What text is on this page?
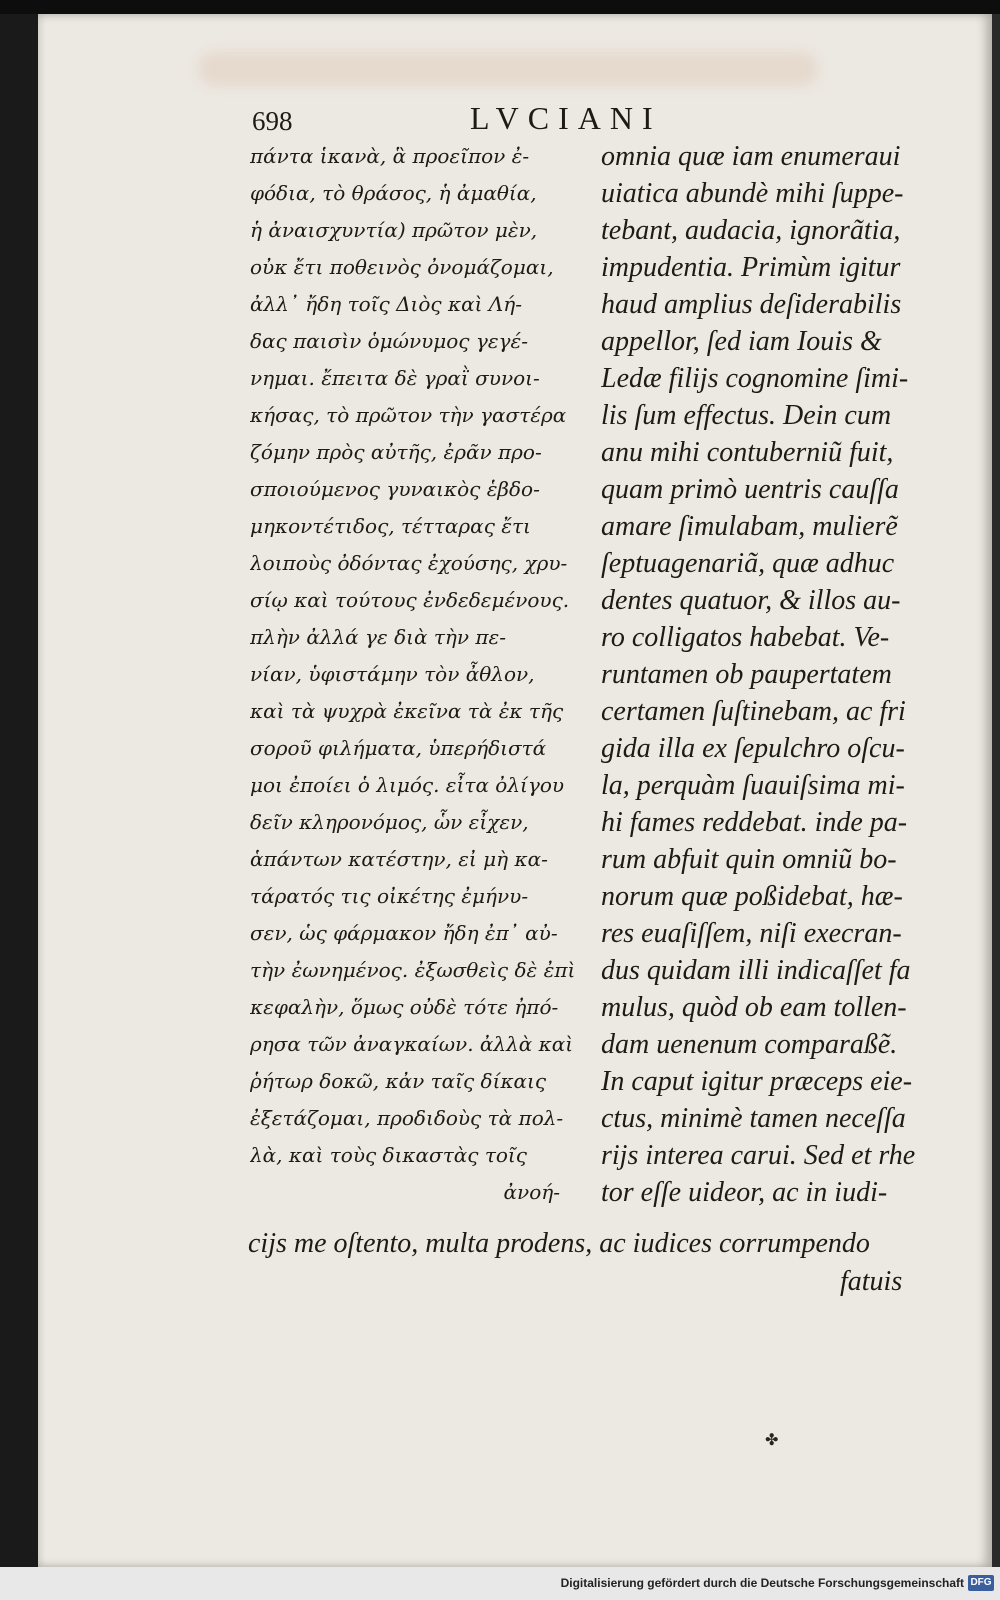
698	LVCIANI
πάντα ἱκανὰ, ἃ προεῖπον ἐ-
φόδια, τὸ θράσος, ἡ ἀμαθία,
ἡ ἀναισχυντία) πρῶτον μὲν,
οὐκ ἔτι ποθεινὸς ὀνομάζομαι,
ἀλλ᾽ ἤδη τοῖς Διὸς καὶ Λή-
δας παισὶν ὁμώνυμος γεγέ-
νημαι. ἔπειτα δὲ γραῒ συνοι-
κήσας, τὸ πρῶτον τὴν γαστέρα
ζόμην πρὸς αὐτῆς, ἐρᾶν προ-
σποιούμενος γυναικὸς ἑβδο-
μηκοντέτιδος, τέτταρας ἔτι
λοιποὺς ὀδόντας ἐχούσης, χρυ-
σίῳ καὶ τούτους ἐνδεδεμένους.
πλὴν ἀλλά γε διὰ τὴν πε-
νίαν, ὑφιστάμην τὸν ἆθλον,
καὶ τὰ ψυχρὰ ἐκεῖνα τὰ ἐκ τῆς
σοροῦ φιλήματα, ὑπερήδιστά
μοι ἐποίει ὁ λιμός. εἶτα ὀλίγου
δεῖν κληρονόμος, ὧν εἶχεν,
ἁπάντων κατέστην, εἰ μὴ κα-
τάρατός τις οἰκέτης ἐμήνυ-
σεν, ὡς φάρμακον ἤδη ἐπ᾽ αὐ-
τὴν ἐωνημένος. ἐξωσθεὶς δὲ ἐπὶ
κεφαλὴν, ὅμως οὐδὲ τότε ἠπό-
ρησα τῶν ἀναγκαίων. ἀλλὰ καὶ
ῥήτωρ δοκῶ, κἀν ταῖς δίκαις
ἐξετάζομαι, προδιδοὺς τὰ πολ-
λὰ, καὶ τοὺς δικαστὰς τοῖς
ἀνοή-
omnia quæ iam enumeraui
uiatica abundè mihi ſuppe-
tebant, audacia, ignorãtia,
impudentia. Primùm igitur
haud amplius deſiderabilis
appellor, ſed iam Iouis &
Ledæ filijs cognomine ſimi-
lis ſum effectus. Dein cum
anu mihi contuberniũ fuit,
quam primò uentris cauſſa
amare ſimulabam, mulierẽ
ſeptuagenariã, quæ adhuc
dentes quatuor, & illos au-
ro colligatos habebat. Ve-
runtamen ob paupertatem
certamen ſuſtinebam, ac fri
gida illa ex ſepulchro oſcu-
la, perquàm ſuauiſsima mi-
hi fames reddebat. inde pa-
rum abfuit quin omniũ bo-
norum quæ poßidebat, hæ-
res euaſiſſem, niſi execran-
dus quidam illi indicaſſet fa
mulus, quòd ob eam tollen-
dam uenenum comparaßẽ.
In caput igitur præceps eie-
ctus, minimè tamen neceſſa
rijs interea carui. Sed et rhe
tor eſſe uideor, ac in iudi-
cijs me oſtento, multa prodens, ac iudices corrumpendo
fatuis
✤
Digitalisierung gefördert durch die Deutsche Forschungsgemeinschaft DFG
